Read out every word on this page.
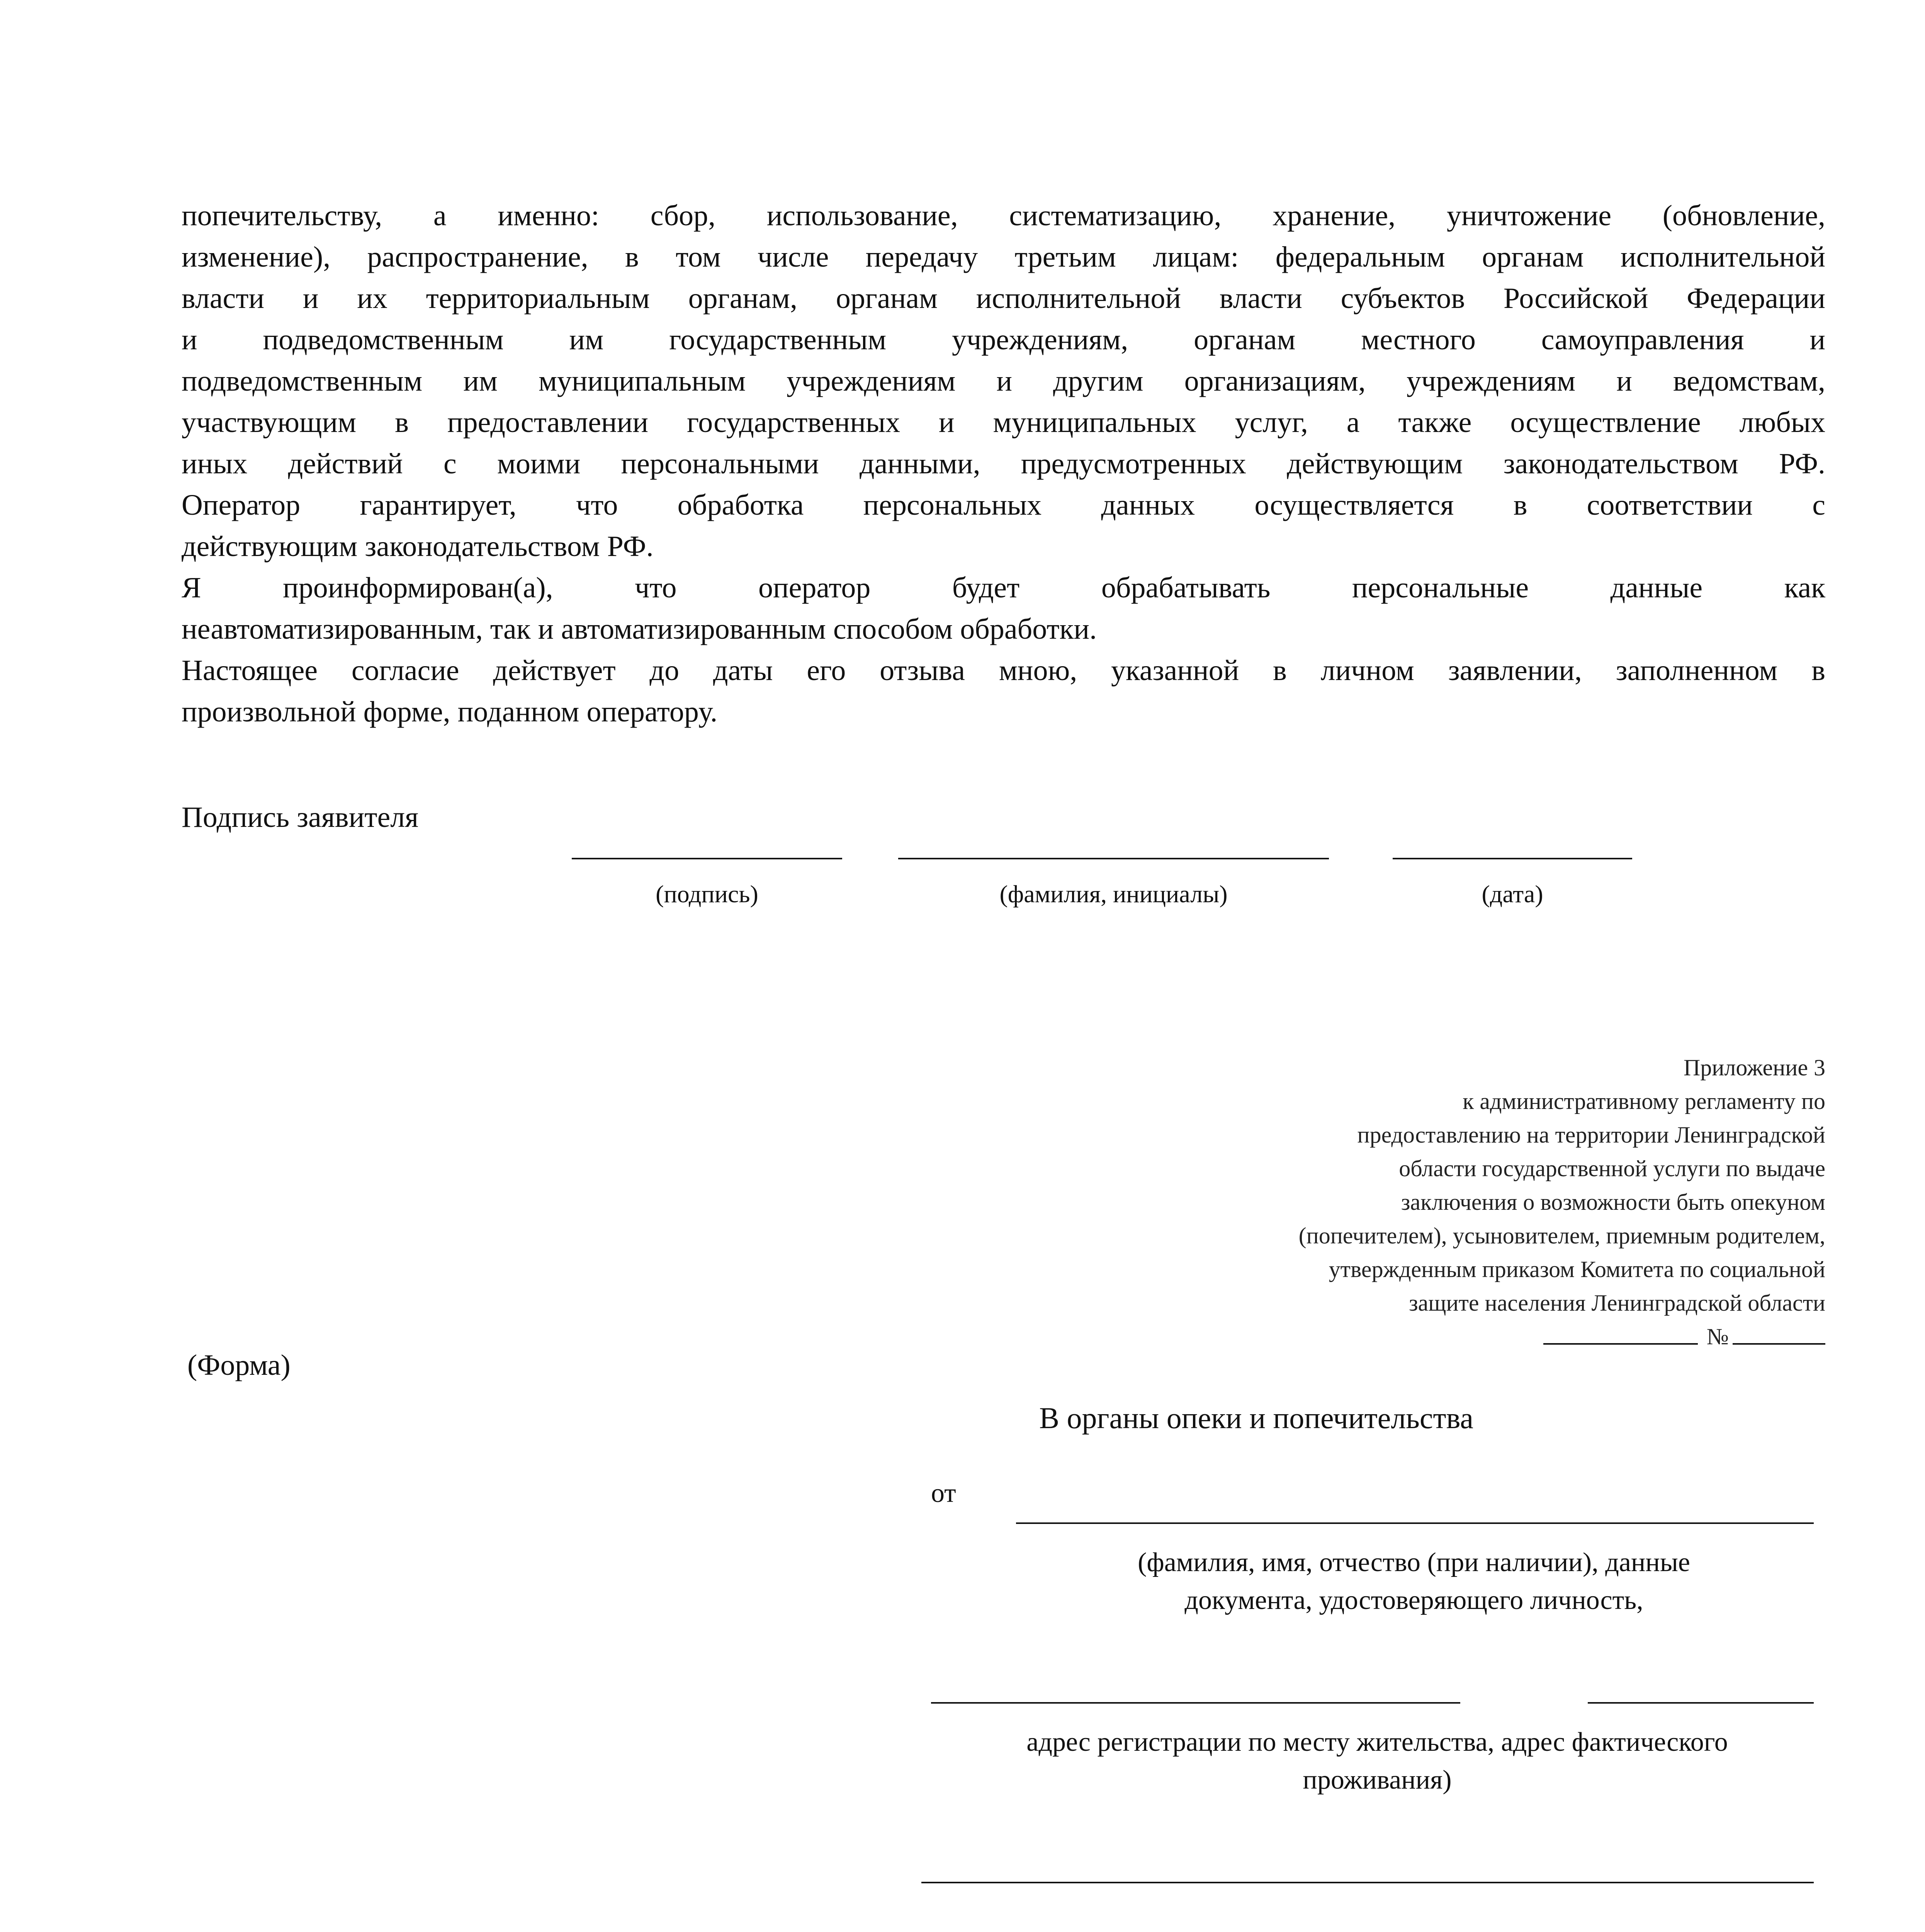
попечительству, а именно: сбор, использование, систематизацию, хранение, уничтожение (обновление,
изменение), распространение, в том числе передачу третьим лицам: федеральным органам исполнительной
власти и их территориальным органам, органам исполнительной власти субъектов Российской Федерации
и подведомственным им государственным учреждениям, органам местного самоуправления и
подведомственным им муниципальным учреждениям и другим организациям, учреждениям и ведомствам,
участвующим в предоставлении государственных и муниципальных услуг, а также осуществление любых
иных действий с моими персональными данными, предусмотренных действующим законодательством РФ.
Оператор гарантирует, что обработка персональных данных осуществляется в соответствии с
действующим законодательством РФ.
Я проинформирован(а), что оператор будет обрабатывать персональные данные как
неавтоматизированным, так и автоматизированным способом обработки.
Настоящее согласие действует до даты его отзыва мною, указанной в личном заявлении, заполненном в
произвольной форме, поданном оператору.
Подпись заявителя
(подпись)	(фамилия, инициалы)	(дата)
Приложение 3
к административному регламенту по
предоставлению на территории Ленинградской
области государственной услуги по выдаче
заключения о возможности быть опекуном
(попечителем), усыновителем, приемным родителем,
утвержденным приказом Комитета по социальной
защите населения Ленинградской области
№
(Форма)
В органы опеки и попечительства
от
(фамилия, имя, отчество (при наличии), данные
документа, удостоверяющего личность,
адрес регистрации по месту жительства, адрес фактического
проживания)
